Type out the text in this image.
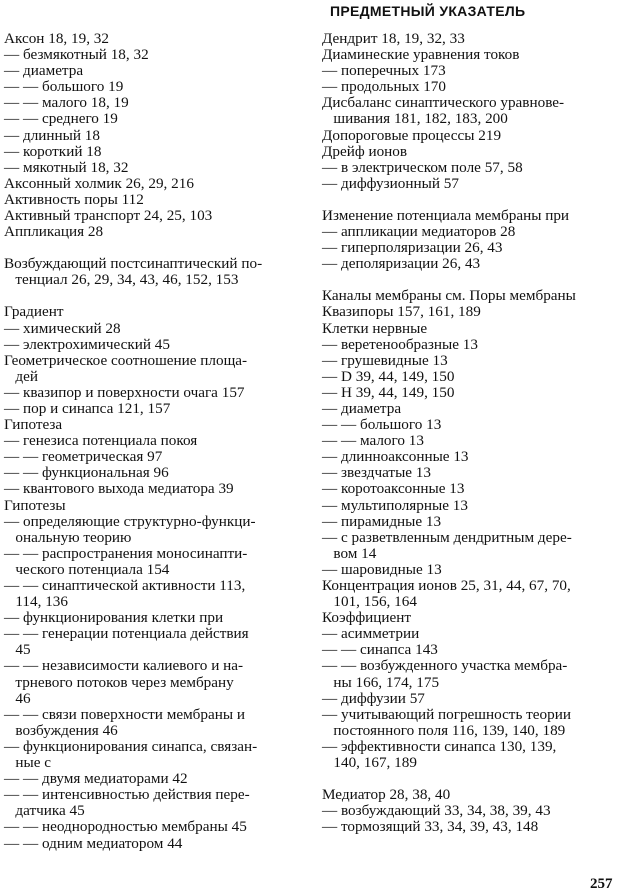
ПРЕДМЕТНЫЙ УКАЗАТЕЛЬ
Аксон 18, 19, 32
— безмякотный 18, 32
— диаметра
— — большого 19
— — малого 18, 19
— — среднего 19
— длинный 18
— короткий 18
— мякотный 18, 32
Аксонный холмик 26, 29, 216
Активность поры 112
Активный транспорт 24, 25, 103
Аппликация 28
Возбуждающий постсинаптический по-
тенциал 26, 29, 34, 43, 46, 152, 153
Градиент
— химический 28
— электрохимический 45
Геометрическое соотношение площа-
дей
— квазипор и поверхности очага 157
— пор и синапса 121, 157
Гипотеза
— генезиса потенциала покоя
— — геометрическая 97
— — функциональная 96
— квантового выхода медиатора 39
Гипотезы
— определяющие структурно-функци-
ональную теорию
— — распространения моносинапти-
ческого потенциала 154
— — синаптической активности 113,
114, 136
— функционирования клетки при
— — генерации потенциала действия
45
— — независимости калиевого и на-
трневого потоков через мембрану
46
— — связи поверхности мембраны и
возбуждения 46
— функционирования синапса, связан-
ные с
— — двумя медиаторами 42
— — интенсивностью действия пере-
датчика 45
— — неоднородностью мембраны 45
— — одним медиатором 44
Дендрит 18, 19, 32, 33
Диаминеские уравнения токов
— поперечных 173
— продольных 170
Дисбаланс синаптического уравнове-
шивания 181, 182, 183, 200
Допороговые процессы 219
Дрейф ионов
— в электрическом поле 57, 58
— диффузионный 57
Изменение потенциала мембраны при
— аппликации медиаторов 28
— гиперполяризации 26, 43
— деполяризации 26, 43
Каналы мембраны см. Поры мембраны
Квазипоры 157, 161, 189
Клетки нервные
— веретенообразные 13
— грушевидные 13
— D 39, 44, 149, 150
— H 39, 44, 149, 150
— диаметра
— — большого 13
— — малого 13
— длинноаксонные 13
— звездчатые 13
— коротоаксонные 13
— мультиполярные 13
— пирамидные 13
— с разветвленным дендритным дере-
вом 14
— шаровидные 13
Концентрация ионов 25, 31, 44, 67, 70,
101, 156, 164
Коэффициент
— асимметрии
— — синапса 143
— — возбужденного участка мембра-
ны 166, 174, 175
— диффузии 57
— учитывающий погрешность теории
постоянного поля 116, 139, 140, 189
— эффективности синапса 130, 139,
140, 167, 189
Медиатор 28, 38, 40
— возбуждающий 33, 34, 38, 39, 43
— тормозящий 33, 34, 39, 43, 148
257
